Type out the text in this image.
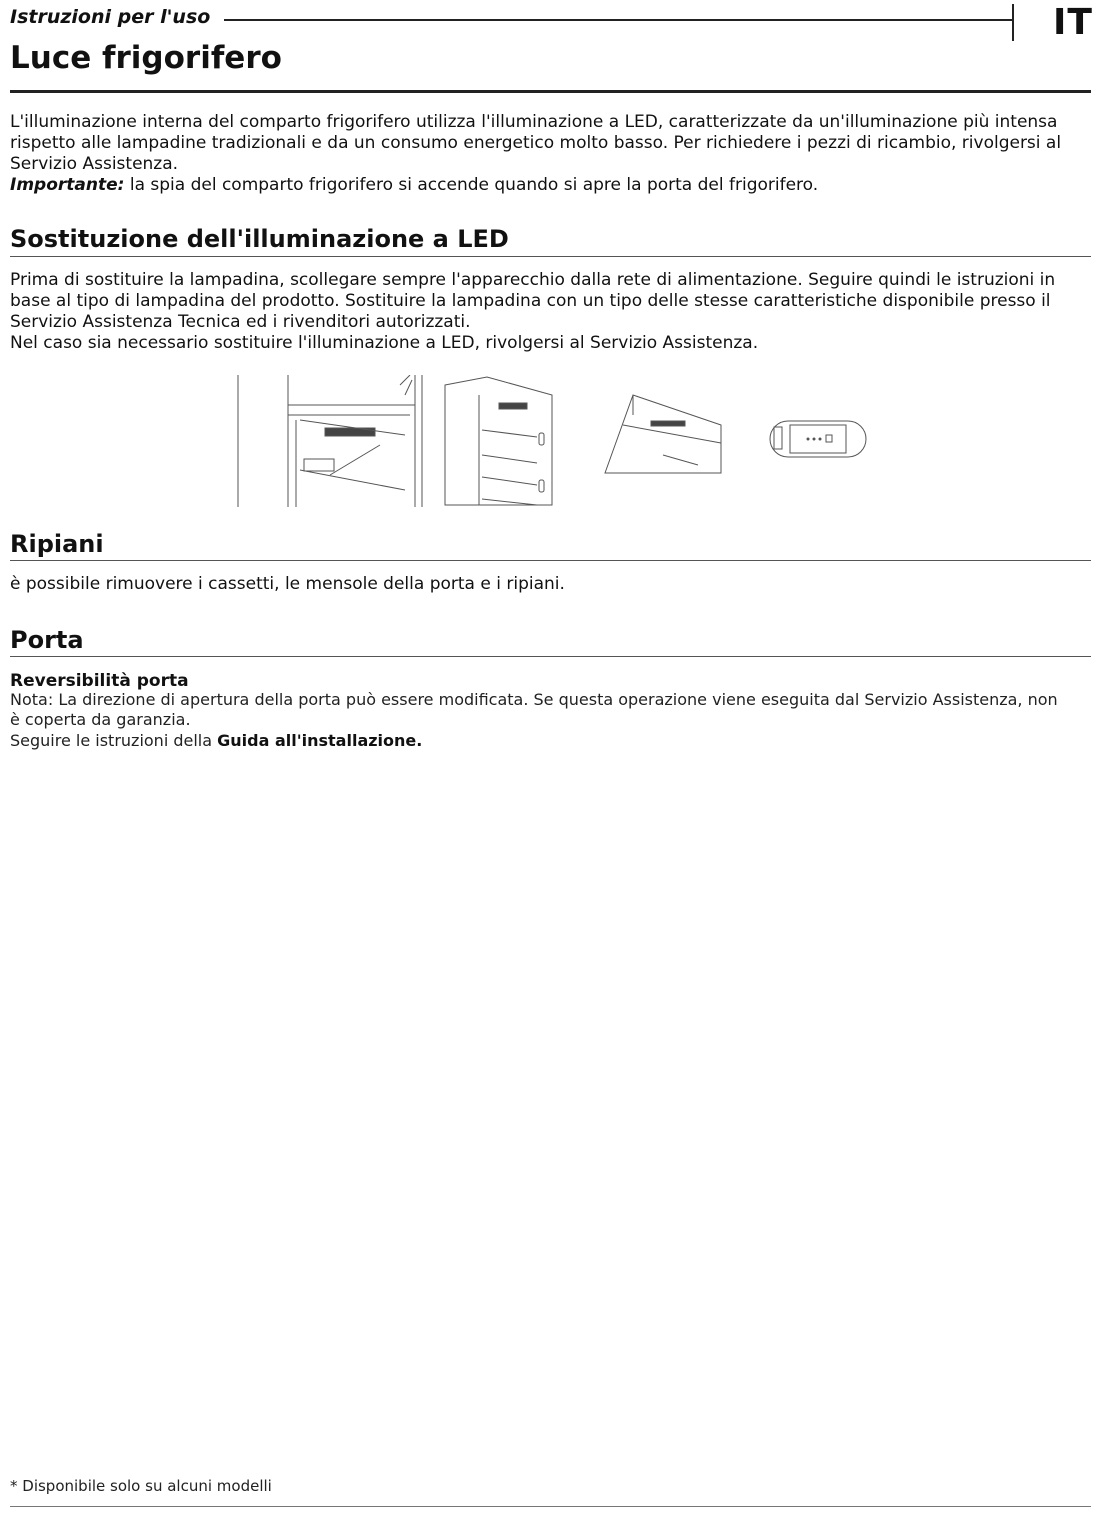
Istruzioni per l'uso	IT
Luce frigorifero
L'illuminazione interna del comparto frigorifero utilizza l'illuminazione a LED, caratterizzate da un'illuminazione più intensa rispetto alle lampadine tradizionali e da un consumo energetico molto basso. Per richiedere i pezzi di ricambio, rivolgersi al Servizio Assistenza.
Importante: la spia del comparto frigorifero si accende quando si apre la porta del frigorifero.
Sostituzione dell'illuminazione a LED
Prima di sostituire la lampadina, scollegare sempre l'apparecchio dalla rete di alimentazione. Seguire quindi le istruzioni in base al tipo di lampadina del prodotto. Sostituire la lampadina con un tipo delle stesse caratteristiche disponibile presso il Servizio Assistenza Tecnica ed i rivenditori autorizzati.
Nel caso sia necessario sostituire l'illuminazione a LED, rivolgersi al Servizio Assistenza.
Ripiani
è possibile rimuovere i cassetti, le mensole della porta e i ripiani.
Porta
Reversibilità porta
Nota: La direzione di apertura della porta può essere modificata. Se questa operazione viene eseguita dal Servizio Assistenza, non è coperta da garanzia.
Seguire le istruzioni della Guida all'installazione.
* Disponibile solo su alcuni modelli
